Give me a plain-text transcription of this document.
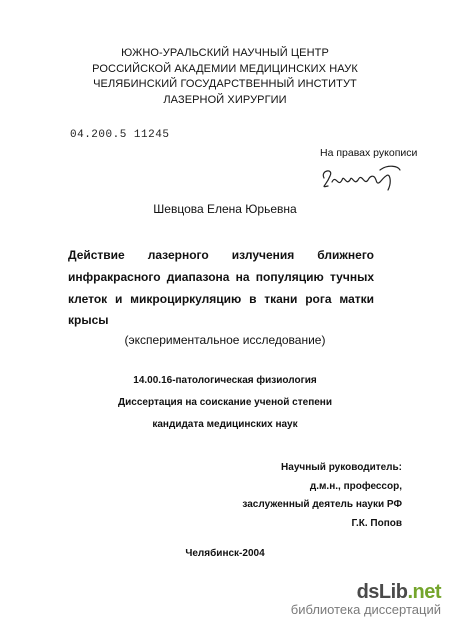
ЮЖНО-УРАЛЬСКИЙ НАУЧНЫЙ ЦЕНТР
РОССИЙСКОЙ АКАДЕМИИ МЕДИЦИНСКИХ НАУК
ЧЕЛЯБИНСКИЙ ГОСУДАРСТВЕННЫЙ ИНСТИТУТ
ЛАЗЕРНОЙ ХИРУРГИИ
04.200.5 11245
На правах рукописи
Шевцова Елена Юрьевна
Действие лазерного излучения ближнего
инфракрасного диапазона на популяцию тучных
клеток и микроциркуляцию в ткани рога матки
крысы
(экспериментальное исследование)
14.00.16-патологическая физиология
Диссертация на соискание ученой степени
кандидата медицинских наук
Научный руководитель:
д.м.н., профессор,
заслуженный деятель науки РФ
Г.К. Попов
Челябинск-2004
dsLib.net
библиотека диссертаций
